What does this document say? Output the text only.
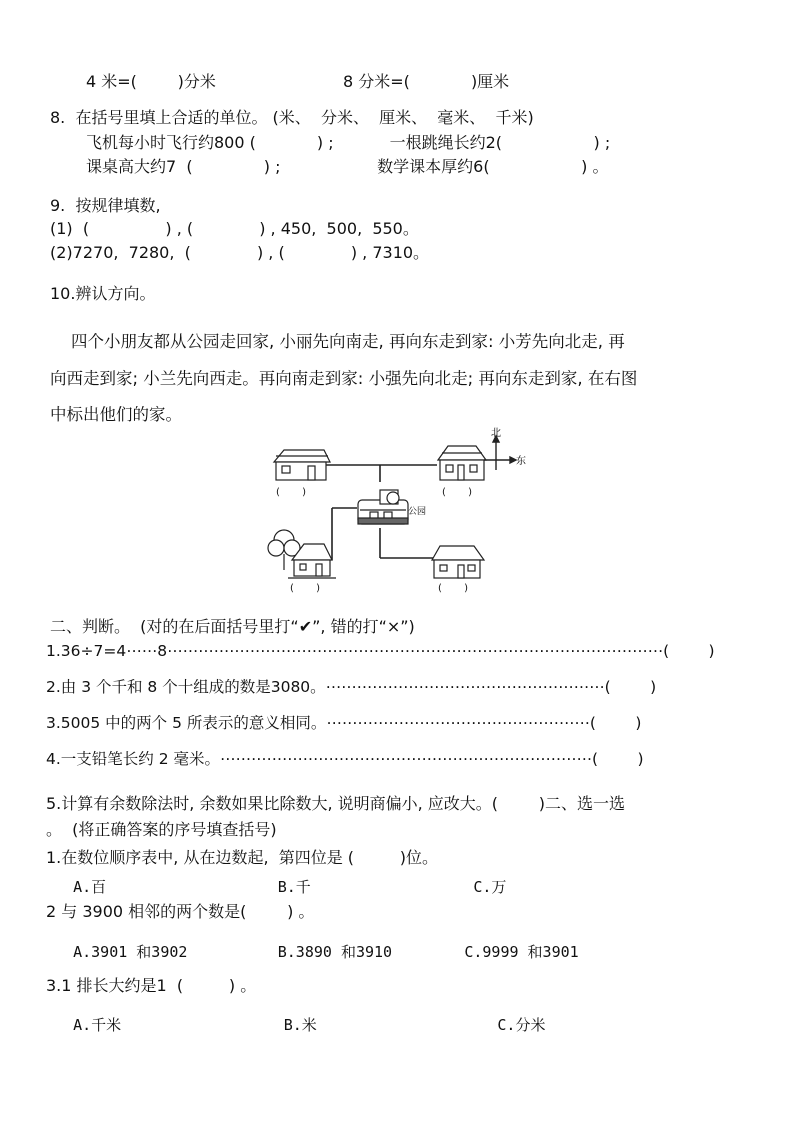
4 米=(        )分米                         8 分米=(            )厘米
8.  在括号里填上合适的单位。 (米、  分米、  厘米、  毫米、  千米)
飞机每小时飞行约800 (            ) ;           一根跳绳长约2(                  ) ;
课桌高大约7  (              ) ;                   数学课本厚约6(                  ) 。
9.  按规律填数,
(1)  (               ) , (             ) , 450,  500,  550。
(2)7270,  7280,  (             ) , (             ) , 7310。
10.辨认方向。
四个小朋友都从公园走回家, 小丽先向南走, 再向东走到家: 小芳先向北走, 再
向西走到家; 小兰先向西走。再向南走到家: 小强先向北走; 再向东走到家, 在右图
中标出他们的家。
北
东
公园
(       )	(       )
(       )	(       )
二、判断。  (对的在后面括号里打“✔”, 错的打“×”)
1.36÷7=4⋯⋯8⋯⋯⋯⋯⋯⋯⋯⋯⋯⋯⋯⋯⋯⋯⋯⋯⋯⋯⋯⋯⋯⋯⋯⋯⋯⋯⋯⋯⋯⋯⋯⋯(        )
2.由 3 个千和 8 个十组成的数是3080。⋯⋯⋯⋯⋯⋯⋯⋯⋯⋯⋯⋯⋯⋯⋯⋯⋯⋯(        )
3.5005 中的两个 5 所表示的意义相同。⋯⋯⋯⋯⋯⋯⋯⋯⋯⋯⋯⋯⋯⋯⋯⋯⋯(        )
4.一支铅笔长约 2 毫米。⋯⋯⋯⋯⋯⋯⋯⋯⋯⋯⋯⋯⋯⋯⋯⋯⋯⋯⋯⋯⋯⋯⋯⋯(        )
5.计算有余数除法时, 余数如果比除数大, 说明商偏小, 应改大。(        )二、选一选
。  (将正确答案的序号填查括号)
1.在数位顺序表中, 从在边数起,  第四位是 (         )位。
A.百                   B.千                  C.万
2 与 3900 相邻的两个数是(        ) 。
A.3901 和3902          B.3890 和3910        C.9999 和3901
3.1 排长大约是1  (         ) 。
A.千米                  B.米                    C.分米
